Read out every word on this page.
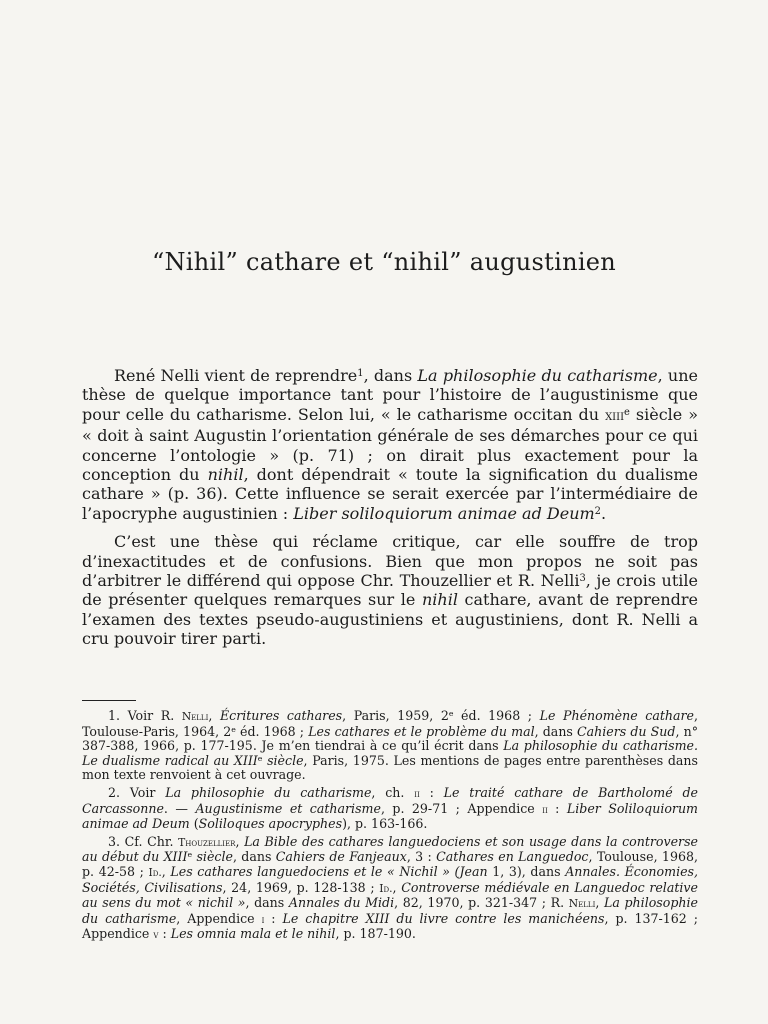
“Nihil” cathare et “nihil” augustinien

René Nelli vient de reprendre$^1$, dans La philosophie du catharisme, une thèse de quelque importance tant pour l’histoire de l’augustinisme que pour celle du catharisme. Selon lui, « le catharisme occitan du xiii$^e$ siècle » « doit à saint Augustin l’orientation générale de ses démarches pour ce qui concerne l’ontologie » (p. 71) ; on dirait plus exactement pour la conception du nihil, dont dépendrait « toute la signification du dualisme cathare » (p. 36). Cette influence se serait exercée par l’intermédiaire de l’apocryphe augustinien : Liber soliloquiorum animae ad Deum$^2$.

C’est une thèse qui réclame critique, car elle souffre de trop d’inexactitudes et de confusions. Bien que mon propos ne soit pas d’arbitrer le différend qui oppose Chr. Thouzellier et R. Nelli$^3$, je crois utile de présenter quelques remarques sur le nihil cathare, avant de reprendre l’examen des textes pseudo-augustiniens et augustiniens, dont R. Nelli a cru pouvoir tirer parti.

1. Voir R. Nelli, Écritures cathares, Paris, 1959, 2e éd. 1968 ; Le Phénomène cathare, Toulouse-Paris, 1964, 2e éd. 1968 ; Les cathares et le problème du mal, dans Cahiers du Sud, n° 387-388, 1966, p. 177-195. Je m’en tiendrai à ce qu’il écrit dans La philosophie du catharisme. Le dualisme radical au XIIIe siècle, Paris, 1975. Les mentions de pages entre parenthèses dans mon texte renvoient à cet ouvrage.

2. Voir La philosophie du catharisme, ch. ii : Le traité cathare de Bartholomé de Carcassonne. — Augustinisme et catharisme, p. 29-71 ; Appendice ii : Liber Soliloquiorum animae ad Deum (Soliloques apocryphes), p. 163-166.

3. Cf. Chr. Thouzellier, La Bible des cathares languedociens et son usage dans la controverse au début du XIIIe siècle, dans Cahiers de Fanjeaux, 3 : Cathares en Languedoc, Toulouse, 1968, p. 42-58 ; Id., Les cathares languedociens et le « Nichil » (Jean 1, 3), dans Annales. Économies, Sociétés, Civilisations, 24, 1969, p. 128-138 ; Id., Controverse médiévale en Languedoc relative au sens du mot « nichil », dans Annales du Midi, 82, 1970, p. 321-347 ; R. Nelli, La philosophie du catharisme, Appendice i : Le chapitre XIII du livre contre les manichéens, p. 137-162 ; Appendice v : Les omnia mala et le nihil, p. 187-190.
